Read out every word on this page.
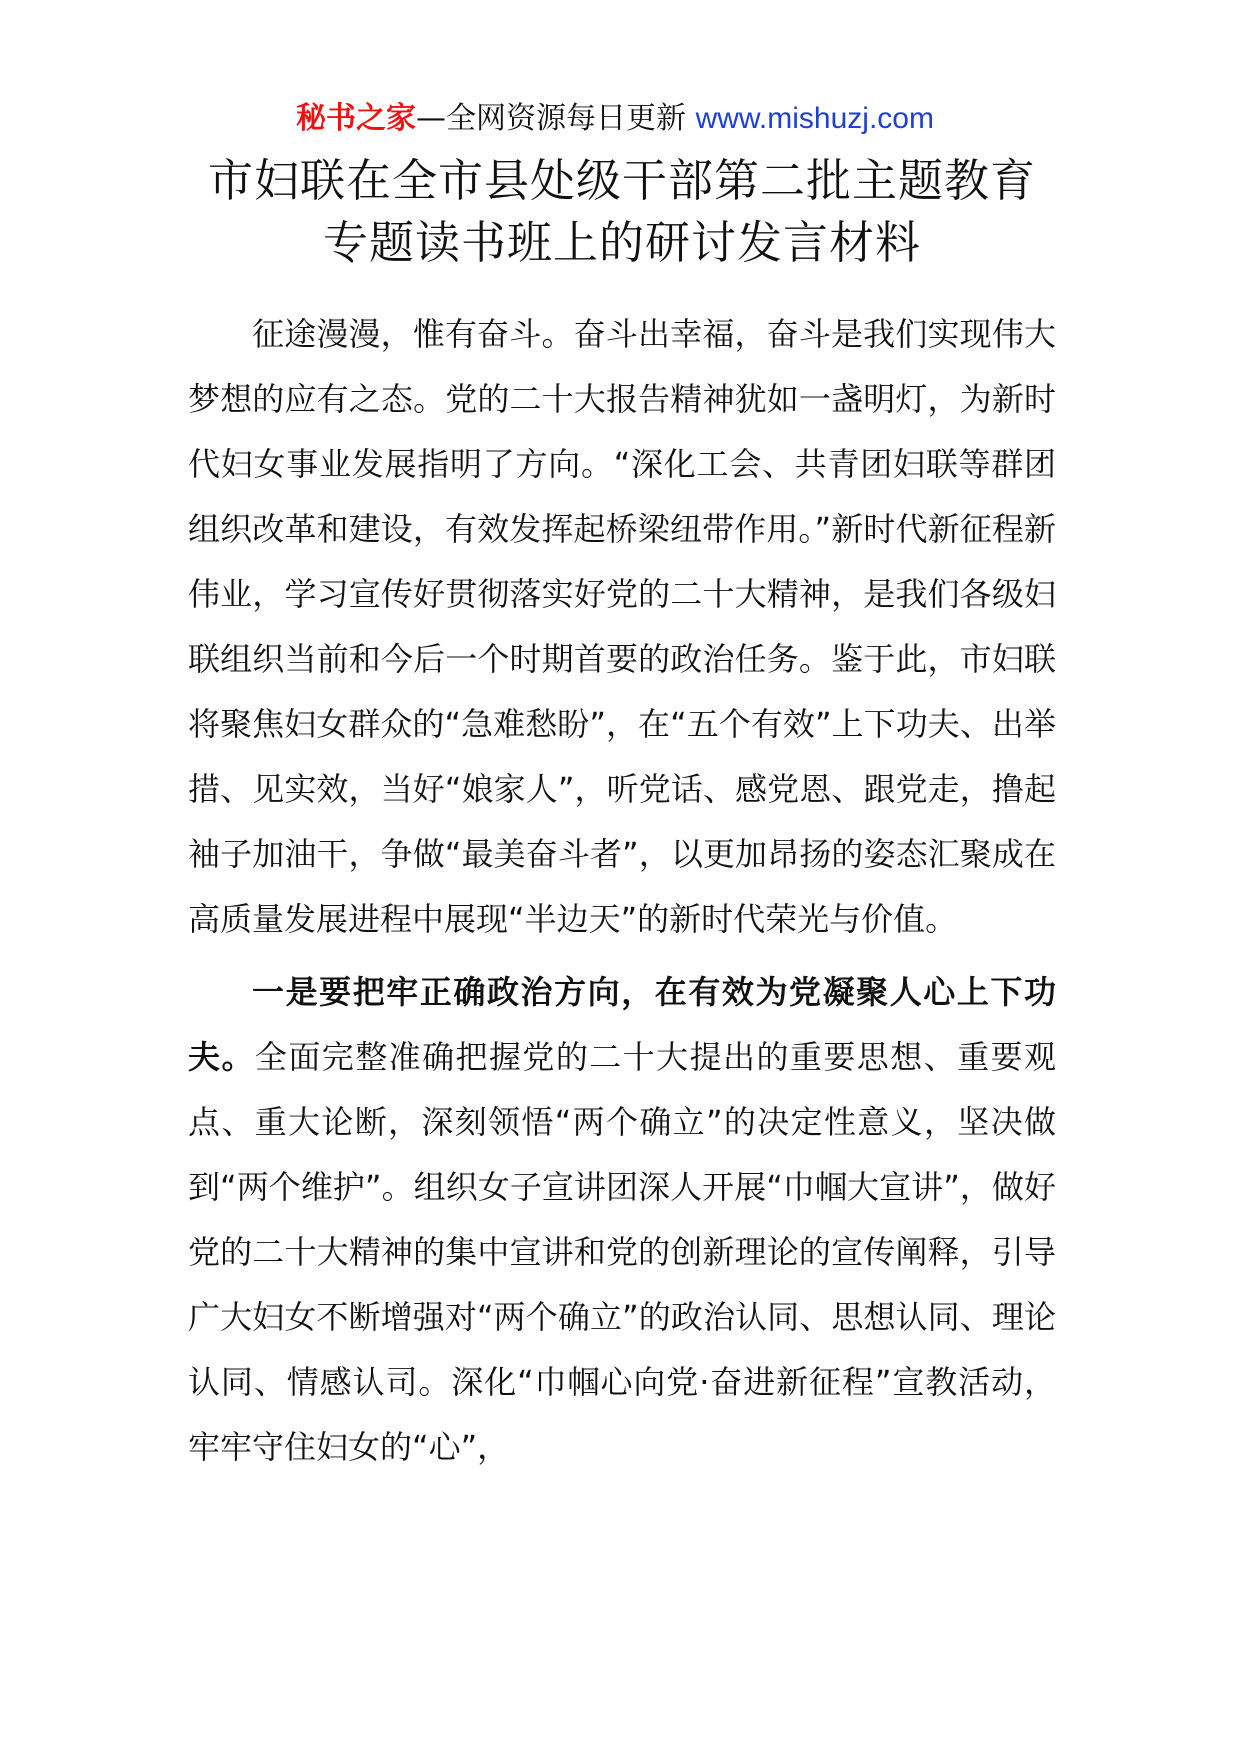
秘书之家—全网资源每日更新 www.mishuzj.com
市妇联在全市县处级干部第二批主题教育
专题读书班上的研讨发言材料

征途漫漫，惟有奋斗。奋斗出幸福，奋斗是我们实现伟大梦想的应有之态。党的二十大报告精神犹如一盏明灯，为新时代妇女事业发展指明了方向。“深化工会、共青团妇联等群团组织改革和建设，有效发挥起桥梁纽带作用。”新时代新征程新伟业，学习宣传好贯彻落实好党的二十大精神，是我们各级妇联组织当前和今后一个时期首要的政治任务。鉴于此，市妇联将聚焦妇女群众的“急难愁盼”，在“五个有效”上下功夫、出举措、见实效，当好“娘家人”，听党话、感党恩、跟党走，撸起袖子加油干，争做“最美奋斗者”，以更加昂扬的姿态汇聚成在高质量发展进程中展现“半边天”的新时代荣光与价值。

一是要把牢正确政治方向，在有效为党凝聚人心上下功夫。全面完整准确把握党的二十大提出的重要思想、重要观点、重大论断，深刻领悟“两个确立”的决定性意义，坚决做到“两个维护”。组织女子宣讲团深人开展“巾帼大宣讲”，做好党的二十大精神的集中宣讲和党的创新理论的宣传阐释，引导广大妇女不断增强对“两个确立”的政治认同、思想认同、理论认同、情感认司。深化“巾帼心向党·奋进新征程”宣教活动，牢牢守住妇女的“心”，
